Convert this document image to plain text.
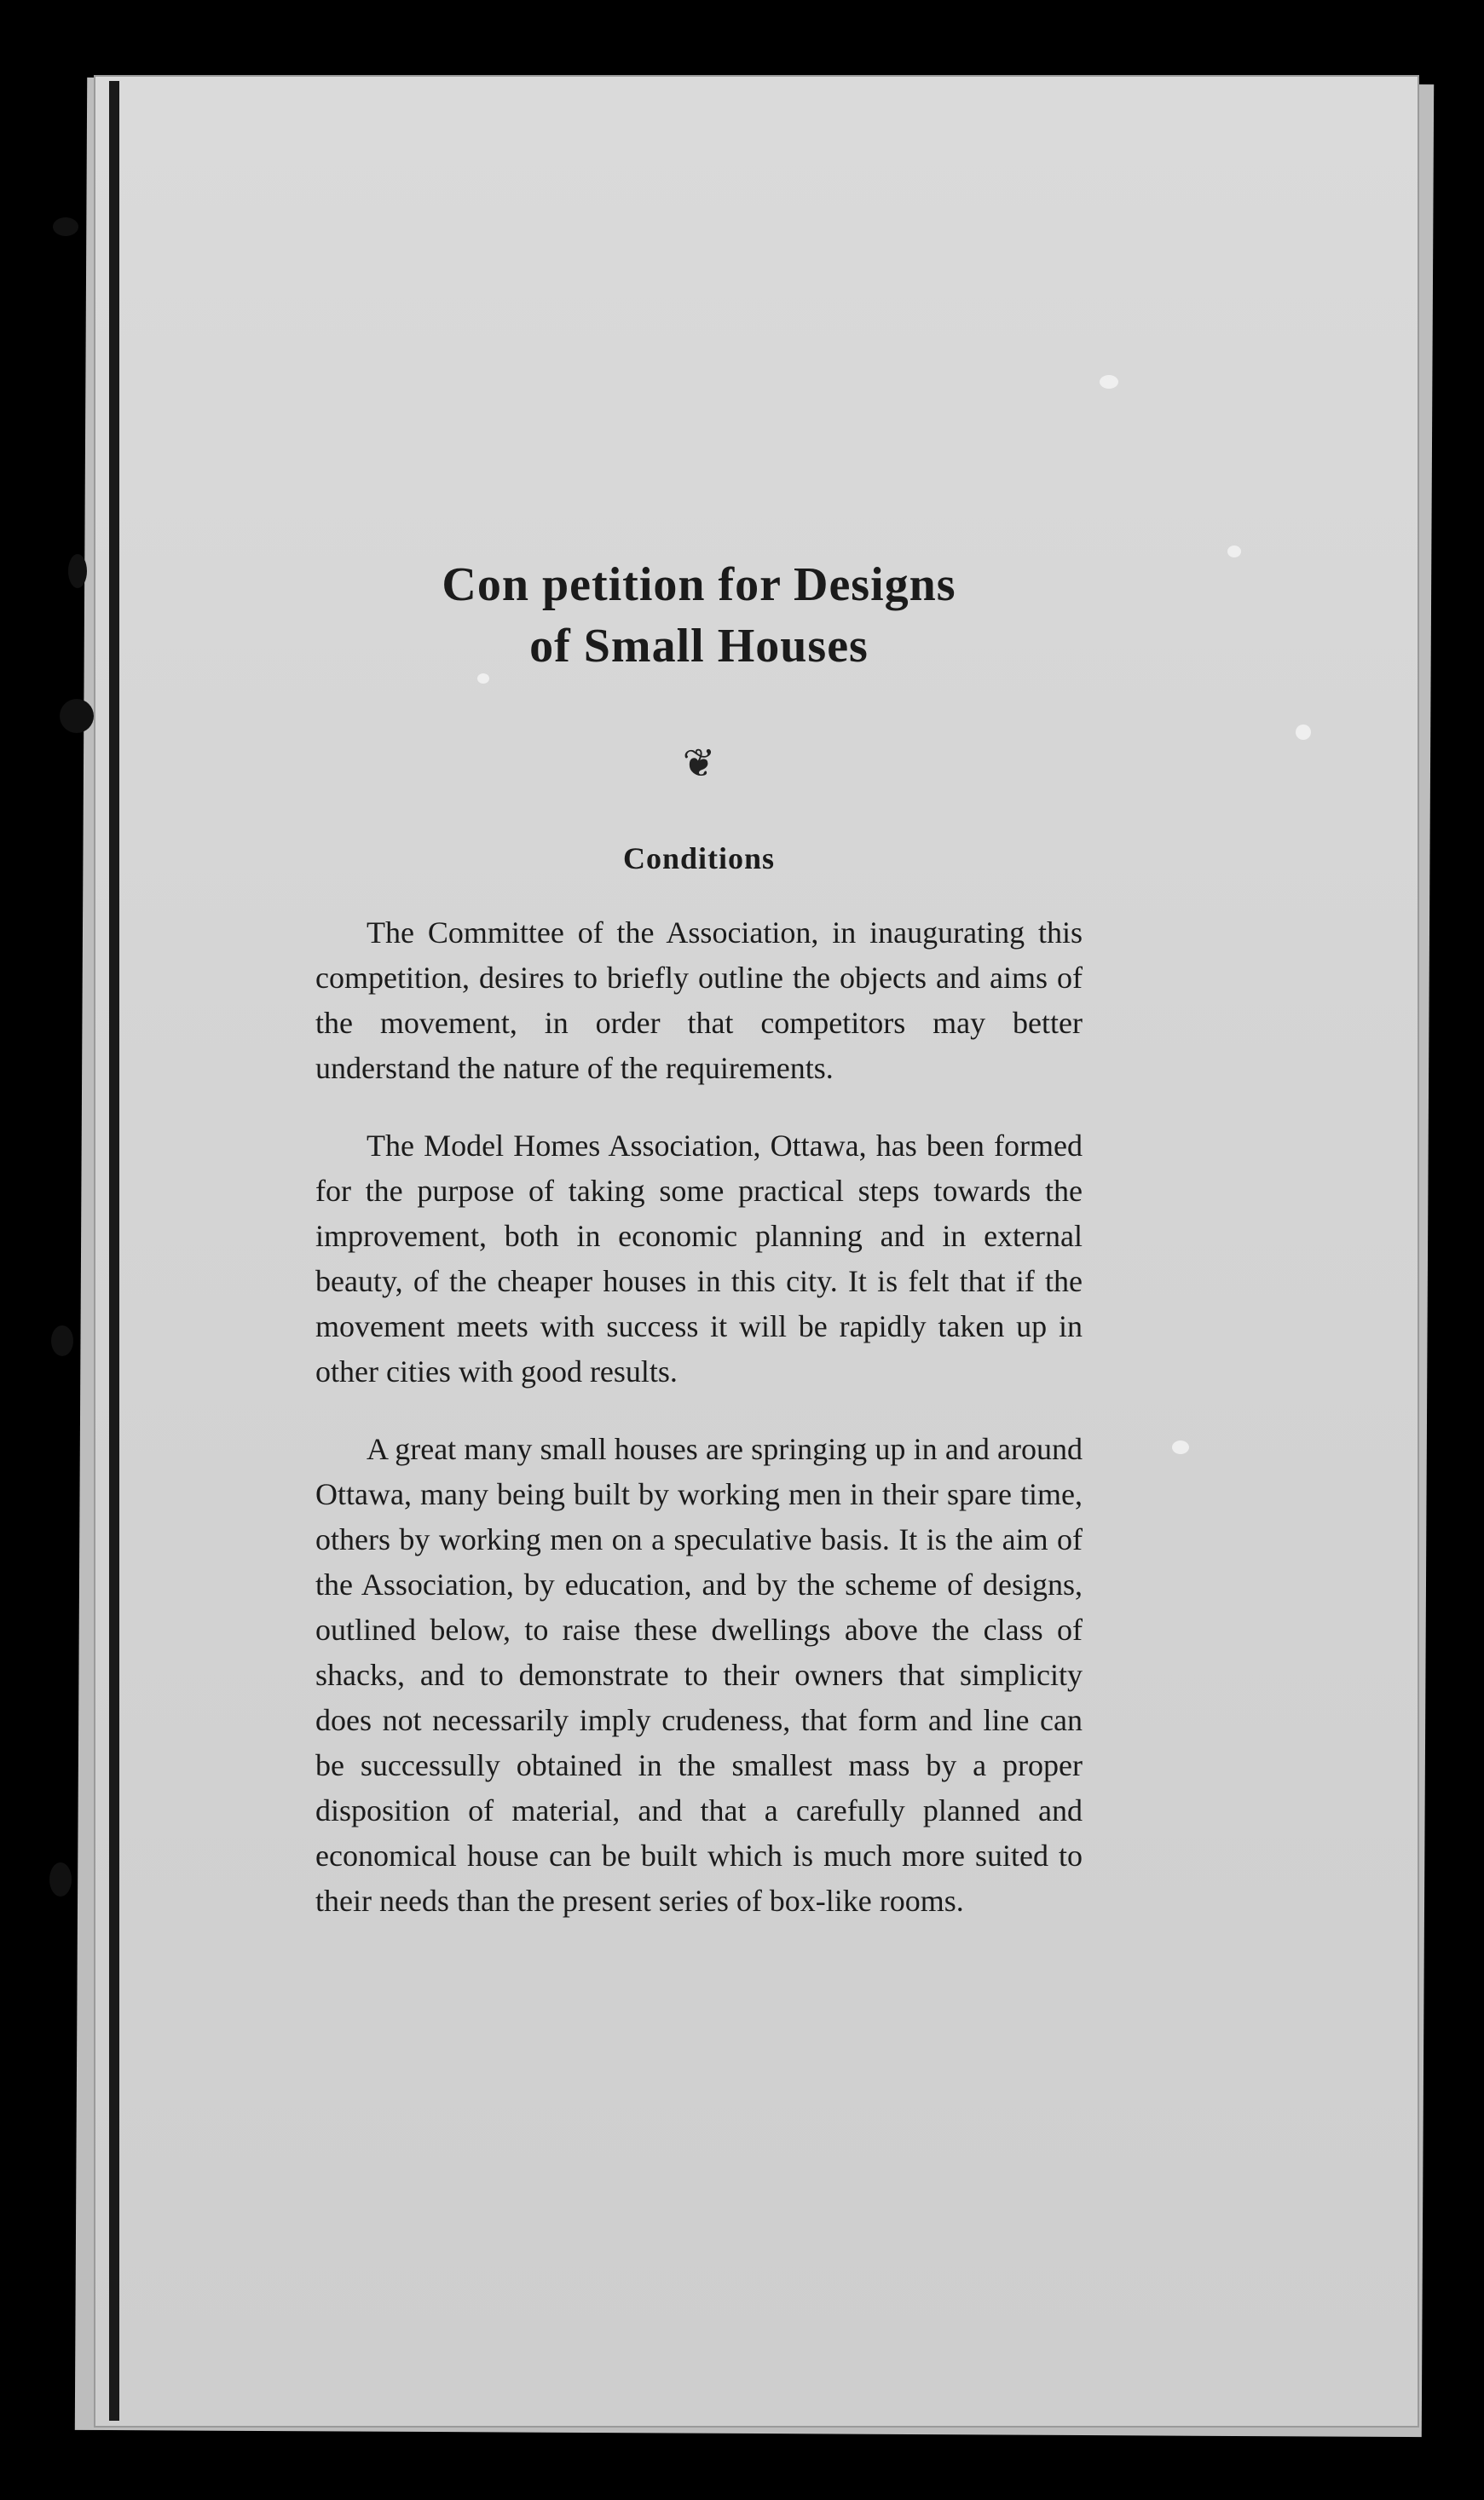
Con petition for Designs
of Small Houses
❦
Conditions

The Committee of the Association, in inaugurating this competition, desires to briefly outline the objects and aims of the movement, in order that competitors may better understand the nature of the requirements.

The Model Homes Association, Ottawa, has been formed for the purpose of taking some practical steps towards the improvement, both in economic planning and in external beauty, of the cheaper houses in this city. It is felt that if the movement meets with success it will be rapidly taken up in other cities with good results.

A great many small houses are springing up in and around Ottawa, many being built by working men in their spare time, others by working men on a speculative basis. It is the aim of the Association, by education, and by the scheme of designs, outlined below, to raise these dwellings above the class of shacks, and to demonstrate to their owners that simplicity does not necessarily imply crudeness, that form and line can be successully obtained in the smallest mass by a proper disposition of material, and that a carefully planned and economical house can be built which is much more suited to their needs than the present series of box-like rooms.
